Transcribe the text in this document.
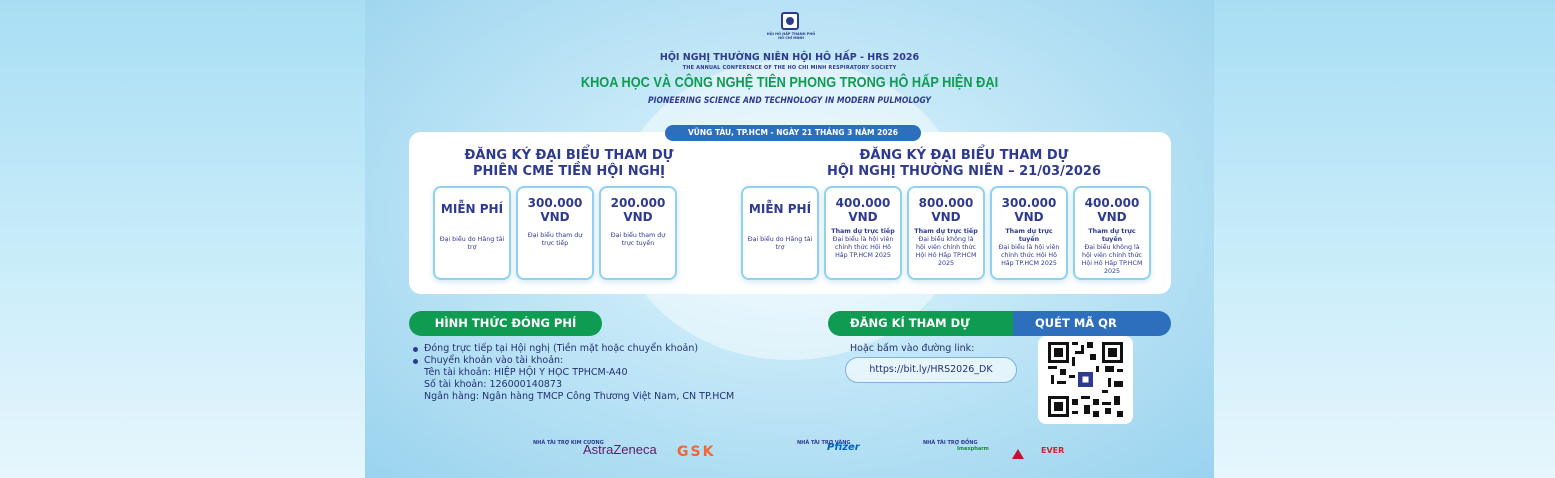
HỘI HÔ HẤP THÀNH PHỐ HỒ CHÍ MINH
HỘI NGHỊ THƯỜNG NIÊN HỘI HÔ HẤP - HRS 2026
THE ANNUAL CONFERENCE OF THE HO CHI MINH RESPIRATORY SOCIETY
KHOA HỌC VÀ CÔNG NGHỆ TIÊN PHONG TRONG HÔ HẤP HIỆN ĐẠI
PIONEERING SCIENCE AND TECHNOLOGY IN MODERN PULMOLOGY
VŨNG TÀU, TP.HCM - NGÀY 21 THÁNG 3 NĂM 2026
ĐĂNG KÝ ĐẠI BIỂU THAM DỰ
PHIÊN CME TIỀN HỘI NGHỊ
MIỄN PHÍ
Đại biểu do Hãng tài trợ
300.000 VND
Đại biểu tham dự trực tiếp
200.000 VND
Đại biểu tham dự trực tuyến
ĐĂNG KÝ ĐẠI BIỂU THAM DỰ
HỘI NGHỊ THƯỜNG NIÊN – 21/03/2026
MIỄN PHÍ
Đại biểu do Hãng tài trợ
400.000 VND
Tham dự trực tiếp
Đại biểu là hội viên chính thức Hội Hô Hấp TP.HCM 2025
800.000 VND
Tham dự trực tiếp
Đại biểu không là hội viên chính thức Hội Hô Hấp TP.HCM 2025
300.000 VND
Tham dự trực tuyến
Đại biểu là hội viên chính thức Hội Hô Hấp TP.HCM 2025
400.000 VND
Tham dự trực tuyến
Đại biểu không là hội viên chính thức Hội Hô Hấp TP.HCM 2025
HÌNH THỨC ĐÓNG PHÍ
Đóng trực tiếp tại Hội nghị (Tiền mặt hoặc chuyển khoản)
Chuyển khoản vào tài khoản:
Tên tài khoản: HIỆP HỘI Y HỌC TPHCM-A40
Số tài khoản: 126000140873
Ngân hàng: Ngân hàng TMCP Công Thương Việt Nam, CN TP.HCM
ĐĂNG KÍ THAM DỰ	QUÉT MÃ QR
Hoặc bấm vào đường link:
https://bit.ly/HRS2026_DK
NHÀ TÀI TRỢ KIM CƯƠNG
AstraZeneca GSK
NHÀ TÀI TRỢ VÀNG
Pfizer	NHÀ TÀI TRỢ ĐỒNG
Imexpharm	EVER
